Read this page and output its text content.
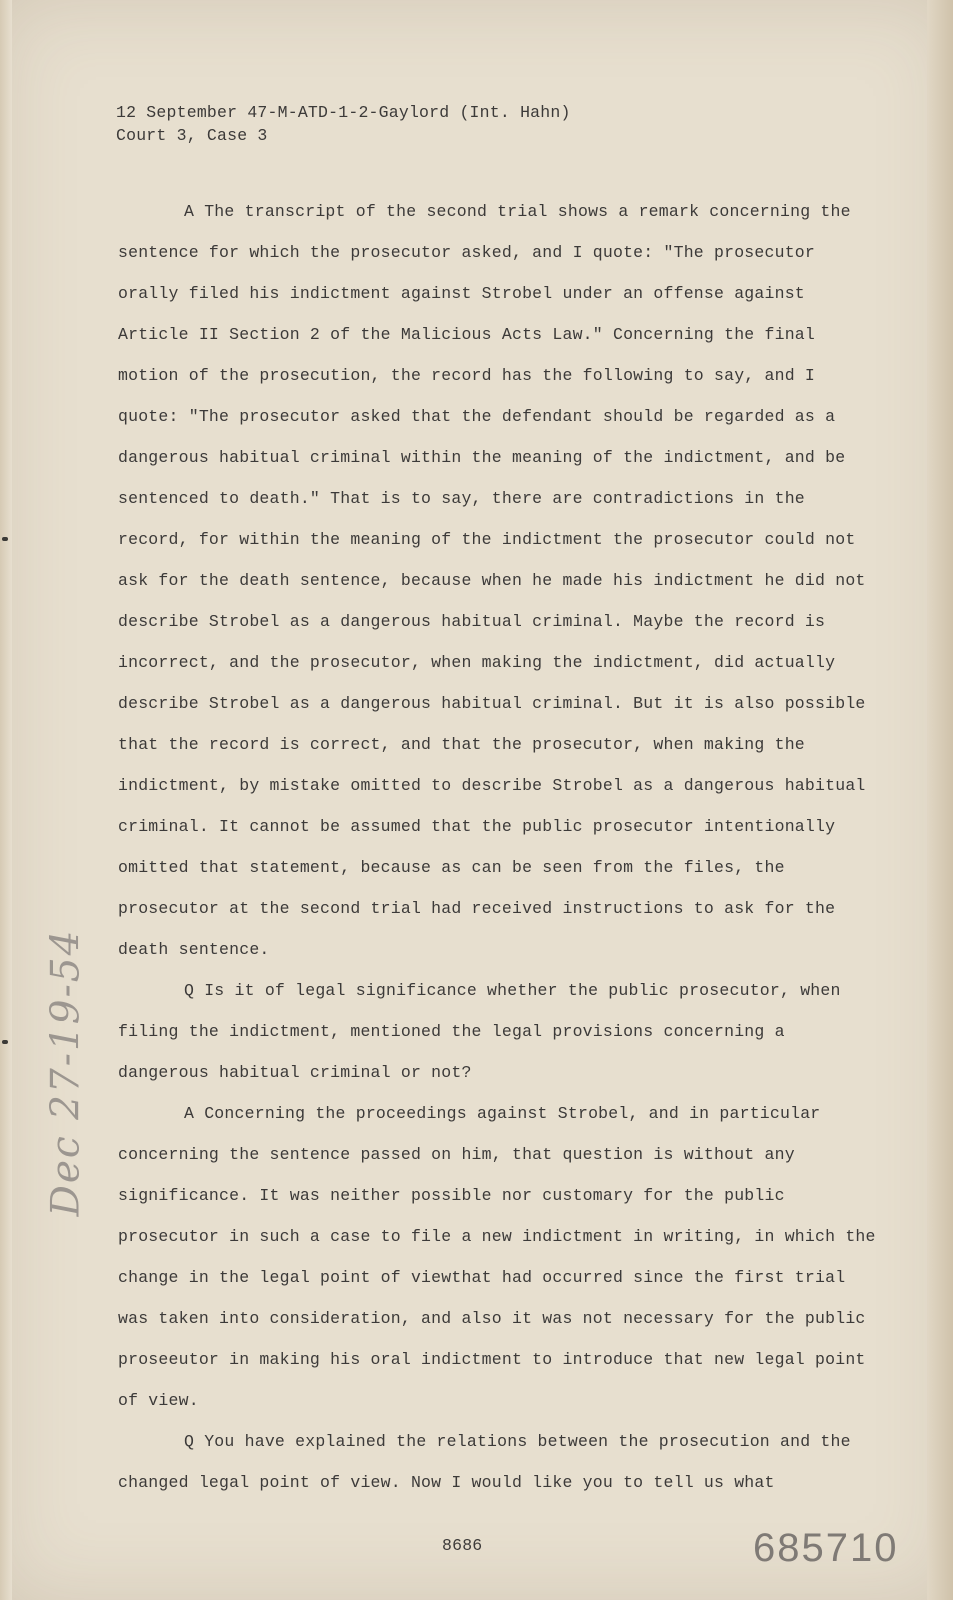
12 September 47-M-ATD-1-2-Gaylord (Int. Hahn)
Court 3, Case 3

A The transcript of the second trial shows a remark concerning the sentence for which the prosecutor asked, and I quote: "The prosecutor orally filed his indictment against Strobel under an offense against Article II Section 2 of the Malicious Acts Law." Concerning the final motion of the prosecution, the record has the following to say, and I quote: "The prosecutor asked that the defendant should be regarded as a dangerous habitual criminal within the meaning of the indictment, and be sentenced to death." That is to say, there are contradictions in the record, for within the meaning of the indictment the prosecutor could not ask for the death sentence, because when he made his indictment he did not describe Strobel as a dangerous habitual criminal. Maybe the record is incorrect, and the prosecutor, when making the indictment, did actually describe Strobel as a dangerous habitual criminal. But it is also possible that the record is correct, and that the prosecutor, when making the indictment, by mistake omitted to describe Strobel as a dangerous habitual criminal. It cannot be assumed that the public prosecutor intentionally omitted that statement, because as can be seen from the files, the prosecutor at the second trial had received instructions to ask for the death sentence.

Q Is it of legal significance whether the public prosecutor, when filing the indictment, mentioned the legal provisions concerning a dangerous habitual criminal or not?

A Concerning the proceedings against Strobel, and in particular concerning the sentence passed on him, that question is without any significance. It was neither possible nor customary for the public prosecutor in such a case to file a new indictment in writing, in which the change in the legal point of viewthat had occurred since the first trial was taken into consideration, and also it was not necessary for the public proseeutor in making his oral indictment to introduce that new legal point of view.

Q You have explained the relations between the prosecution and the changed legal point of view. Now I would like you to tell us what

8686	685710
Dec 27-19-54
